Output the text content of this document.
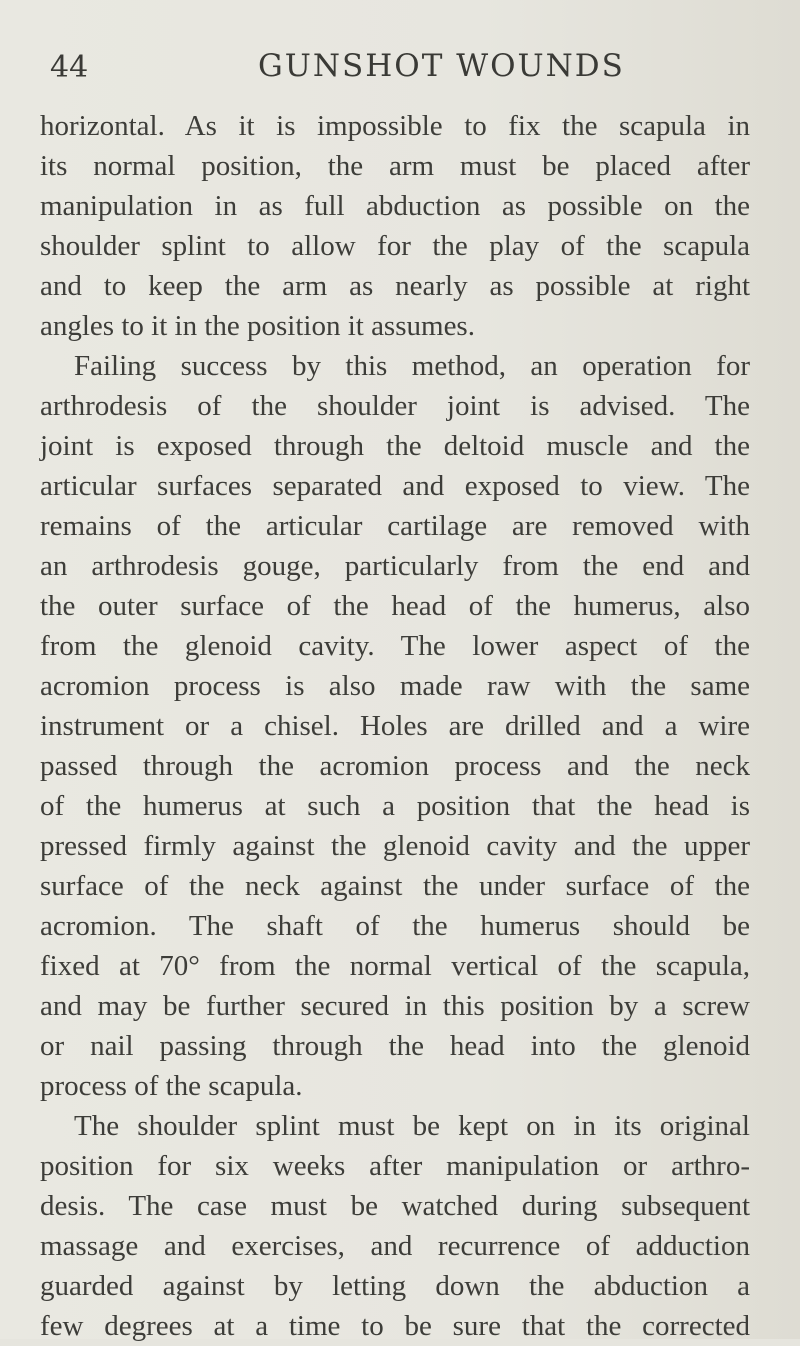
44	GUNSHOT WOUNDS

horizontal. As it is impossible to fix the scapula in
its normal position, the arm must be placed after
manipulation in as full abduction as possible on the
shoulder splint to allow for the play of the scapula
and to keep the arm as nearly as possible at right
angles to it in the position it assumes.

Failing success by this method, an operation for
arthrodesis of the shoulder joint is advised. The
joint is exposed through the deltoid muscle and the
articular surfaces separated and exposed to view. The
remains of the articular cartilage are removed with
an arthrodesis gouge, particularly from the end and
the outer surface of the head of the humerus, also
from the glenoid cavity. The lower aspect of the
acromion process is also made raw with the same
instrument or a chisel. Holes are drilled and a wire
passed through the acromion process and the neck
of the humerus at such a position that the head is
pressed firmly against the glenoid cavity and the upper
surface of the neck against the under surface of the
acromion. The shaft of the humerus should be
fixed at 70° from the normal vertical of the scapula,
and may be further secured in this position by a screw
or nail passing through the head into the glenoid
process of the scapula.

The shoulder splint must be kept on in its original
position for six weeks after manipulation or arthro-
desis. The case must be watched during subsequent
massage and exercises, and recurrence of adduction
guarded against by letting down the abduction a
few degrees at a time to be sure that the corrected
